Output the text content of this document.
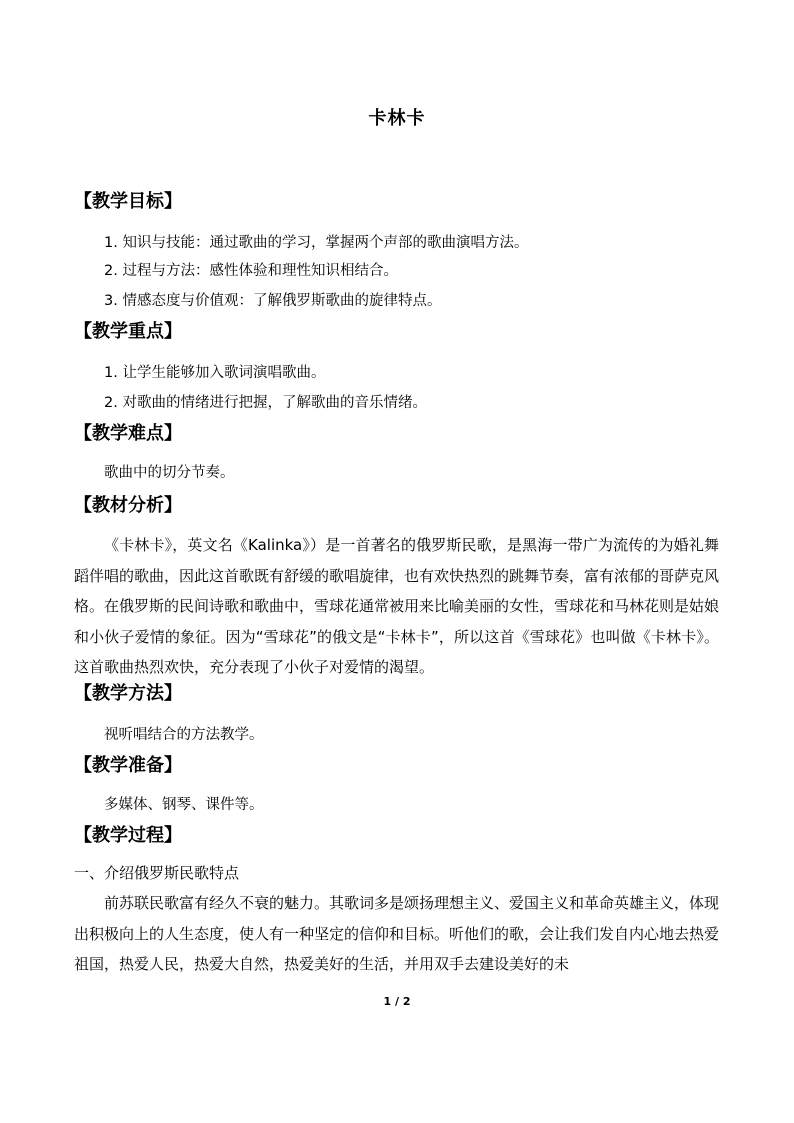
卡林卡
【教学目标】
1. 知识与技能：通过歌曲的学习，掌握两个声部的歌曲演唱方法。
2. 过程与方法：感性体验和理性知识相结合。
3. 情感态度与价值观：了解俄罗斯歌曲的旋律特点。
【教学重点】
1. 让学生能够加入歌词演唱歌曲。
2. 对歌曲的情绪进行把握，了解歌曲的音乐情绪。
【教学难点】
歌曲中的切分节奏。
【教材分析】
《卡林卡》，英文名《Kalinka》）是一首著名的俄罗斯民歌，是黑海一带广为流传的为婚礼舞蹈伴唱的歌曲，因此这首歌既有舒缓的歌唱旋律，也有欢快热烈的跳舞节奏，富有浓郁的哥萨克风格。在俄罗斯的民间诗歌和歌曲中，雪球花通常被用来比喻美丽的女性，雪球花和马林花则是姑娘和小伙子爱情的象征。因为“雪球花”的俄文是“卡林卡”，所以这首《雪球花》也叫做《卡林卡》。这首歌曲热烈欢快，充分表现了小伙子对爱情的渴望。
【教学方法】
视听唱结合的方法教学。
【教学准备】
多媒体、钢琴、课件等。
【教学过程】
一、介绍俄罗斯民歌特点
前苏联民歌富有经久不衰的魅力。其歌词多是颂扬理想主义、爱国主义和革命英雄主义，体现出积极向上的人生态度，使人有一种坚定的信仰和目标。听他们的歌，会让我们发自内心地去热爱祖国，热爱人民，热爱大自然，热爱美好的生活，并用双手去建设美好的未
1 / 2
